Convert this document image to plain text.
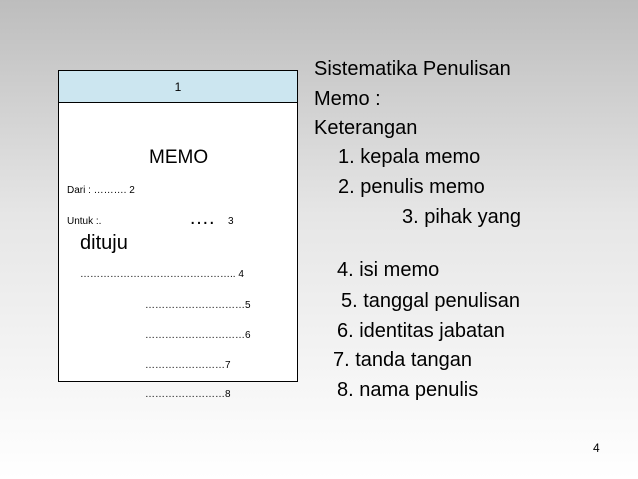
1
MEMO
Dari : ………. 2
Untuk :.	…. 3
dituju
……………………………………….. 4
…………………………5
…………………………6
……………………7
……………………8
Sistematika Penulisan
Memo :
Keterangan
1. kepala memo
2. penulis memo
3. pihak yang
4. isi memo
5. tanggal penulisan
6. identitas jabatan
7. tanda tangan
8. nama penulis
4
